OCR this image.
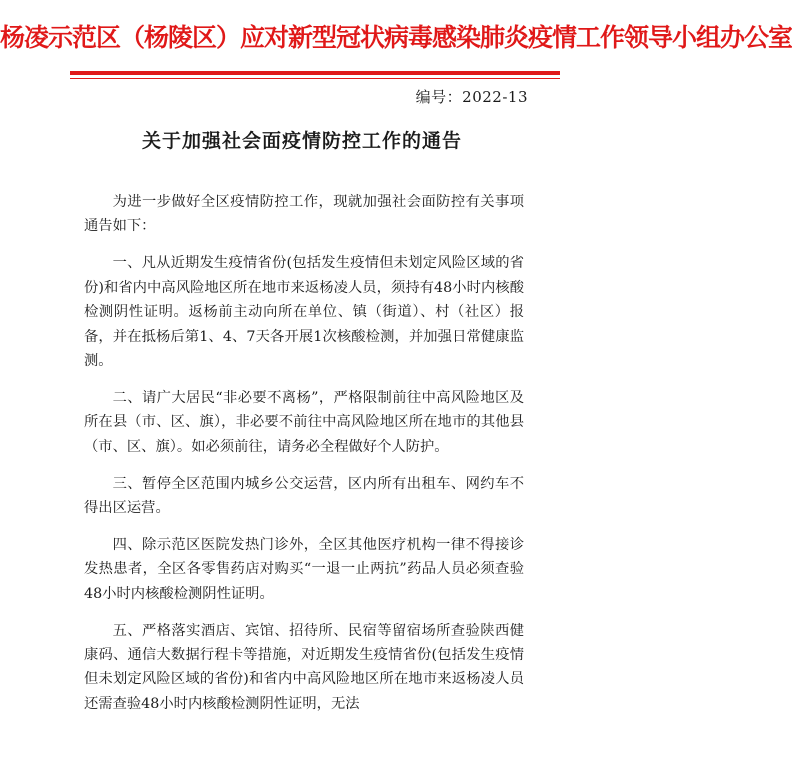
杨凌示范区（杨陵区）应对新型冠状病毒感染肺炎疫情工作领导小组办公室
编号：2022-13
关于加强社会面疫情防控工作的通告

为进一步做好全区疫情防控工作，现就加强社会面防控有关事项通告如下：

一、凡从近期发生疫情省份(包括发生疫情但未划定风险区域的省份)和省内中高风险地区所在地市来返杨凌人员，须持有48小时内核酸检测阴性证明。返杨前主动向所在单位、镇（街道）、村（社区）报备，并在抵杨后第1、4、7天各开展1次核酸检测，并加强日常健康监测。

二、请广大居民“非必要不离杨”，严格限制前往中高风险地区及所在县（市、区、旗），非必要不前往中高风险地区所在地市的其他县（市、区、旗）。如必须前往，请务必全程做好个人防护。

三、暂停全区范围内城乡公交运营，区内所有出租车、网约车不得出区运营。

四、除示范区医院发热门诊外，全区其他医疗机构一律不得接诊发热患者，全区各零售药店对购买“一退一止两抗”药品人员必须查验48小时内核酸检测阴性证明。

五、严格落实酒店、宾馆、招待所、民宿等留宿场所查验陕西健康码、通信大数据行程卡等措施，对近期发生疫情省份(包括发生疫情但未划定风险区域的省份)和省内中高风险地区所在地市来返杨凌人员还需查验48小时内核酸检测阴性证明，无法
